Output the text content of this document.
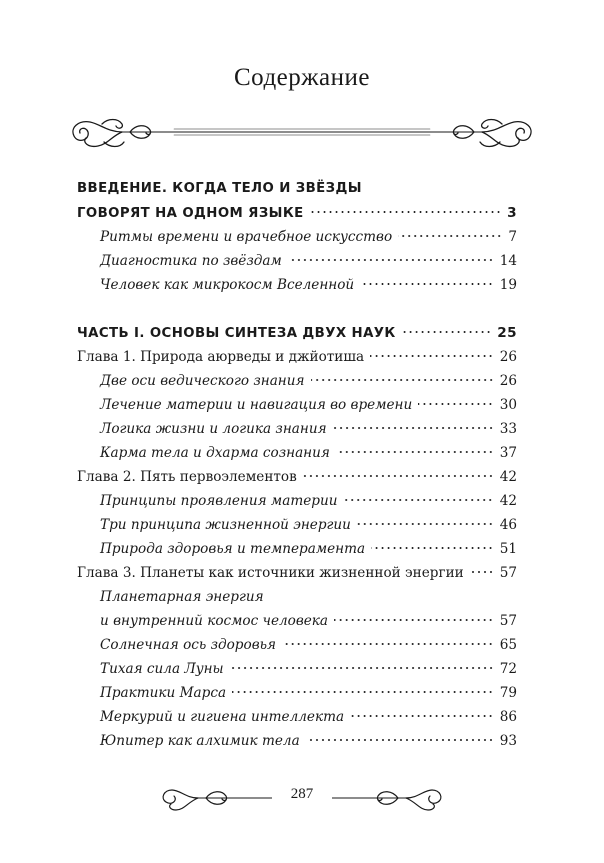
Содержание
ВВЕДЕНИЕ. КОГДА ТЕЛО И ЗВЁЗДЫ
ГОВОРЯТ НА ОДНОМ ЯЗЫКЕ	3
Ритмы времени и врачебное искусство	7
Диагностика по звёздам	14
Человек как микрокосм Вселенной	19
ЧАСТЬ I. ОСНОВЫ СИНТЕЗА ДВУХ НАУК	25
Глава 1. Природа аюрведы и джйотиша	26
Две оси ведического знания	26
Лечение материи и навигация во времени	30
Логика жизни и логика знания	33
Карма тела и дхарма сознания	37
Глава 2. Пять первоэлементов	42
Принципы проявления материи	42
Три принципа жизненной энергии	46
Природа здоровья и темперамента	51
Глава 3. Планеты как источники жизненной энергии	57
Планетарная энергия
и внутренний космос человека	57
Солнечная ось здоровья	65
Тихая сила Луны	72
Практики Марса	79
Меркурий и гигиена интеллекта	86
Юпитер как алхимик тела	93
287
